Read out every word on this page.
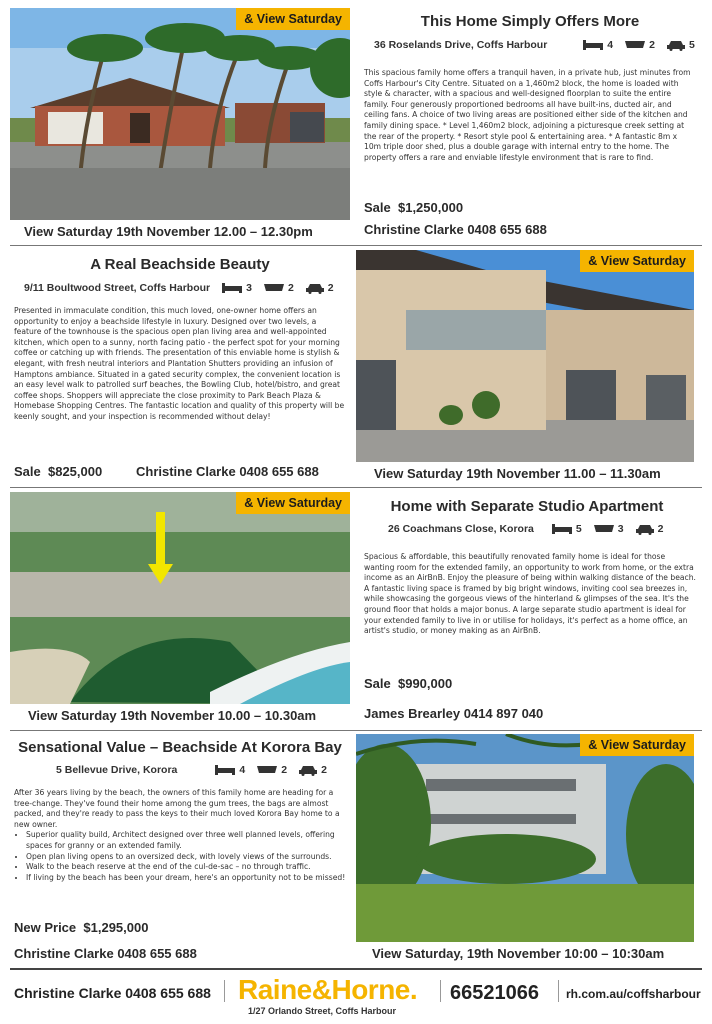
& View Saturday	This Home Simply Offers More
36 Roselands Drive, Coffs Harbour	4	2	5
This spacious family home offers a tranquil haven, in a private hub, just minutes from Coffs Harbour's City Centre. Situated on a 1,460m2 block, the home is loaded with style & character, with a spacious and well-designed floorplan to suite the entire family. Four generously proportioned bedrooms all have built-ins, ducted air, and ceiling fans. A choice of two living areas are positioned either side of the kitchen and family dining space. * Level 1,460m2 block, adjoining a picturesque creek setting at the rear of the property. * Resort style pool & entertaining area. * A fantastic 8m x 10m triple door shed, plus a double garage with internal entry to the home. The property offers a rare and enviable lifestyle environment that is rare to find.
Sale $1,250,000
View Saturday 19th November 12.00 – 12.30pm	Christine Clarke 0408 655 688
A Real Beachside Beauty
9/11 Boultwood Street, Coffs Harbour	3	2	2
Presented in immaculate condition, this much loved, one-owner home offers an opportunity to enjoy a beachside lifestyle in luxury. Designed over two levels, a feature of the townhouse is the spacious open plan living area and well-appointed kitchen, which open to a sunny, north facing patio - the perfect spot for your morning coffee or catching up with friends. The presentation of this enviable home is stylish & elegant, with fresh neutral interiors and Plantation Shutters providing an infusion of Hamptons ambiance. Situated in a gated security complex, the convenient location is an easy level walk to patrolled surf beaches, the Bowling Club, hotel/bistro, and great coffee shops. Shoppers will appreciate the close proximity to Park Beach Plaza & Homebase Shopping Centres. The fantastic location and quality of this property will be keenly sought, and your inspection is recommended without delay!
Sale $825,000	Christine Clarke 0408 655 688
& View Saturday
View Saturday 19th November 11.00 – 11.30am
& View Saturday
View Saturday 19th November 10.00 – 10.30am
Home with Separate Studio Apartment
26 Coachmans Close, Korora	5	3	2
Spacious & affordable, this beautifully renovated family home is ideal for those wanting room for the extended family, an opportunity to work from home, or the extra income as an AirBnB. Enjoy the pleasure of being within walking distance of the beach. A fantastic living space is framed by big bright windows, inviting cool sea breezes in, while showcasing the gorgeous views of the hinterland & glimpses of the sea. It's the ground floor that holds a major bonus. A large separate studio apartment is ideal for your extended family to live in or utilise for holidays, it's perfect as a home office, an artist's studio, or money making as an AirBnB.
Sale $990,000
James Brearley 0414 897 040
Sensational Value – Beachside At Korora Bay
5 Bellevue Drive, Korora	4	2	2
After 36 years living by the beach, the owners of this family home are heading for a tree-change. They've found their home among the gum trees, the bags are almost packed, and they're ready to pass the keys to their much loved Korora Bay home to a new owner.
• Superior quality build, Architect designed over three well planned levels, offering spaces for granny or an extended family.
• Open plan living opens to an oversized deck, with lovely views of the surrounds.
• Walk to the beach reserve at the end of the cul-de-sac – no through traffic.
• If living by the beach has been your dream, here's an opportunity not to be missed!
New Price $1,295,000
Christine Clarke 0408 655 688
& View Saturday
View Saturday, 19th November 10:00 – 10:30am
Christine Clarke 0408 655 688 Raine&Horne.
1/27 Orlando Street, Coffs Harbour
66521066 rh.com.au/coffsharbour
